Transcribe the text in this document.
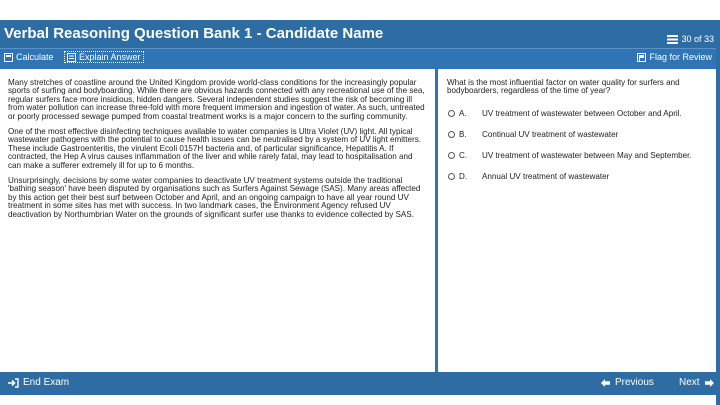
Verbal Reasoning Question Bank 1 - Candidate Name	30 of 33
Calculate	Explain Answer	Flag for Review

Many stretches of coastline around the United Kingdom provide world-class conditions for the increasingly popular sports of surfing and bodyboarding. While there are obvious hazards connected with any recreational use of the sea, regular surfers face more insidious, hidden dangers. Several independent studies suggest the risk of becoming ill from water pollution can increase three-fold with more frequent immersion and ingestion of water. As such, untreated or poorly processed sewage pumped from coastal treatment works is a major concern to the surfing community.

One of the most effective disinfecting techniques available to water companies is Ultra Violet (UV) light. All typical wastewater pathogens with the potential to cause health issues can be neutralised by a system of UV light emitters. These include Gastroenteritis, the virulent Ecoli 0157H bacteria and, of particular significance, Hepatitis A. If contracted, the Hep A virus causes inflammation of the liver and while rarely fatal, may lead to hospitalisation and can make a sufferer extremely ill for up to 6 months.

Unsurprisingly, decisions by some water companies to deactivate UV treatment systems outside the traditional 'bathing season' have been disputed by organisations such as Surfers Against Sewage (SAS). Many areas affected by this action get their best surf between October and April, and an ongoing campaign to have all year round UV treatment in some sites has met with success. In two landmark cases, the Environment Agency refused UV deactivation by Northumbrian Water on the grounds of significant surfer use thanks to evidence collected by SAS.

What is the most influential factor on water quality for surfers and bodyboarders, regardless of the time of year?
A. UV treatment of wastewater between October and April.
B. Continual UV treatment of wastewater
C. UV treatment of wastewater between May and September.
D. Annual UV treatment of wastewater
End Exam	Previous	Next
